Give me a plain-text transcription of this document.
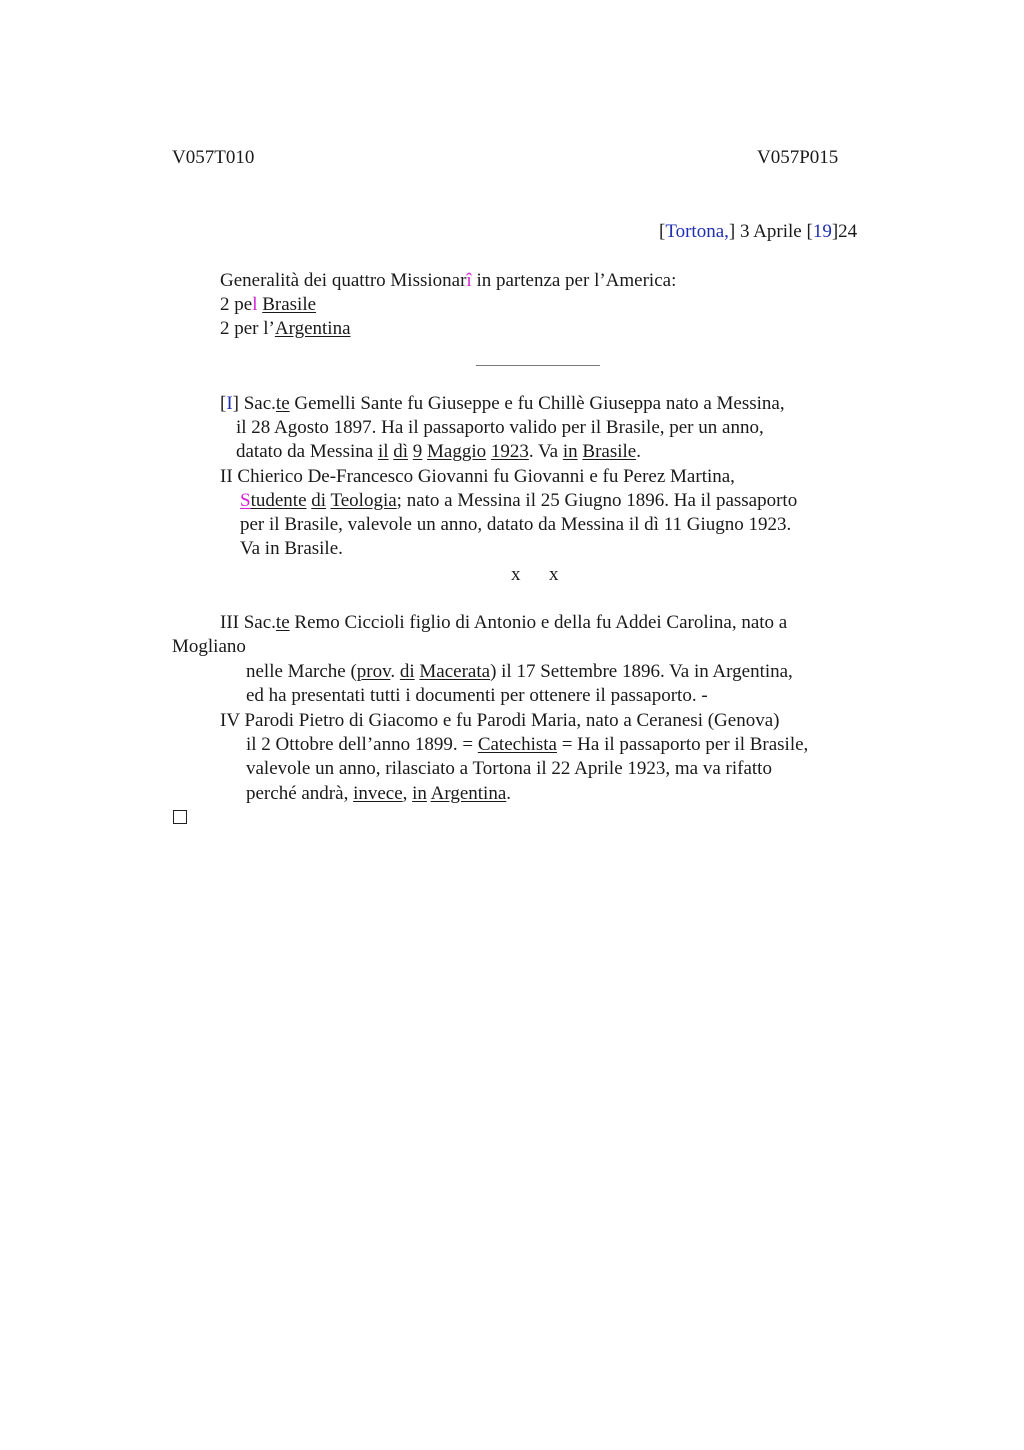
V057T010	V057P015
[Tortona,] 3 Aprile [19]24
Generalità dei quattro Missionarî in partenza per l’America:
2 pel Brasile
2 per l’Argentina
[I] Sac.te Gemelli Sante fu Giuseppe e fu Chillè Giuseppa nato a Messina,
il 28 Agosto 1897. Ha il passaporto valido per il Brasile, per un anno,
datato da Messina il dì 9 Maggio 1923. Va in Brasile.
II Chierico De-Francesco Giovanni fu Giovanni e fu Perez Martina,
Studente di Teologia; nato a Messina il 25 Giugno 1896. Ha il passaporto
per il Brasile, valevole un anno, datato da Messina il dì 11 Giugno 1923.
Va in Brasile.
x      x
III Sac.te Remo Ciccioli figlio di Antonio e della fu Addei Carolina, nato a
Mogliano
nelle Marche (prov. di Macerata) il 17 Settembre 1896. Va in Argentina,
ed ha presentati tutti i documenti per ottenere il passaporto. -
IV Parodi Pietro di Giacomo e fu Parodi Maria, nato a Ceranesi (Genova)
il 2 Ottobre dell’anno 1899. = Catechista = Ha il passaporto per il Brasile,
valevole un anno, rilasciato a Tortona il 22 Aprile 1923, ma va rifatto
perché andrà, invece, in Argentina.
